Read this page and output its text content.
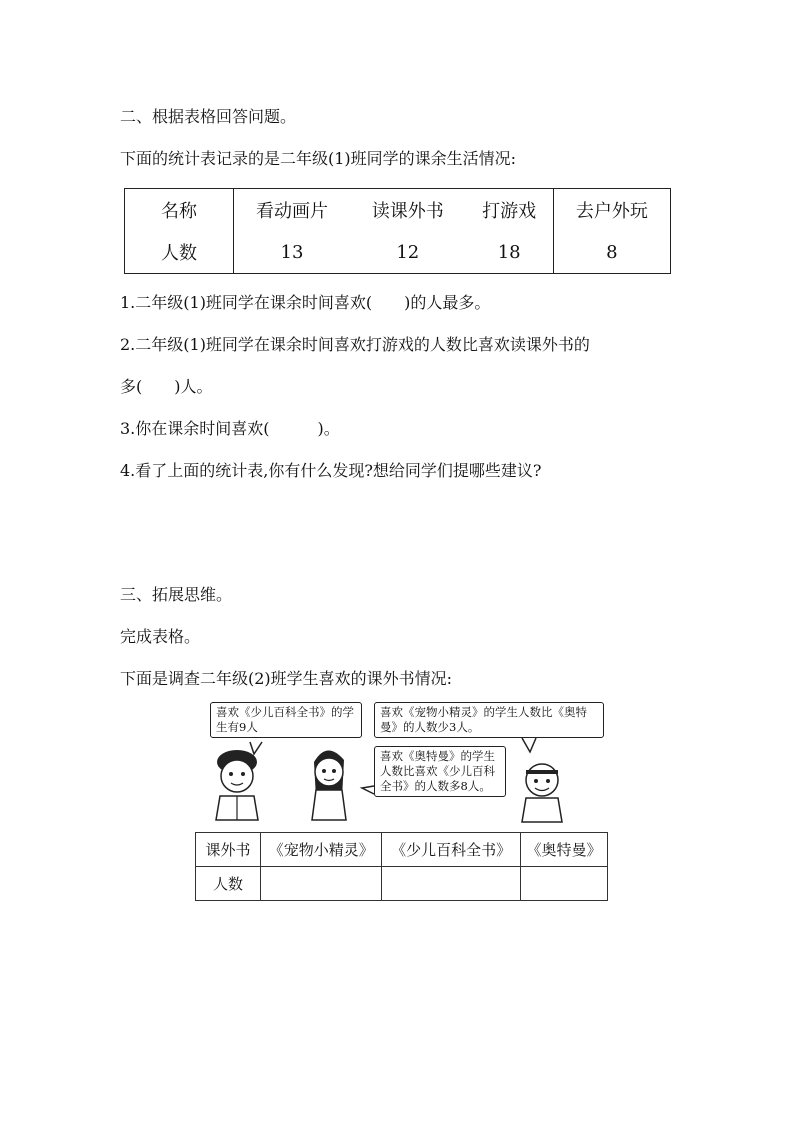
二、根据表格回答问题。
下面的统计表记录的是二年级(1)班同学的课余生活情况:
名称	看动画片	读课外书	打游戏	去户外玩
人数	13	12	18	8
1.二年级(1)班同学在课余时间喜欢(　　)的人最多。
2.二年级(1)班同学在课余时间喜欢打游戏的人数比喜欢读课外书的
多(　　)人。
3.你在课余时间喜欢(　　　)。
4.看了上面的统计表,你有什么发现?想给同学们提哪些建议?
三、拓展思维。
完成表格。
下面是调查二年级(2)班学生喜欢的课外书情况:
喜欢《少儿百科全书》的学生有9人
喜欢《宠物小精灵》的学生人数比《奥特曼》的人数少3人。
喜欢《奥特曼》的学生人数比喜欢《少儿百科全书》的人数多8人。
课外书	《宠物小精灵》	《少儿百科全书》	《奥特曼》
人数			
